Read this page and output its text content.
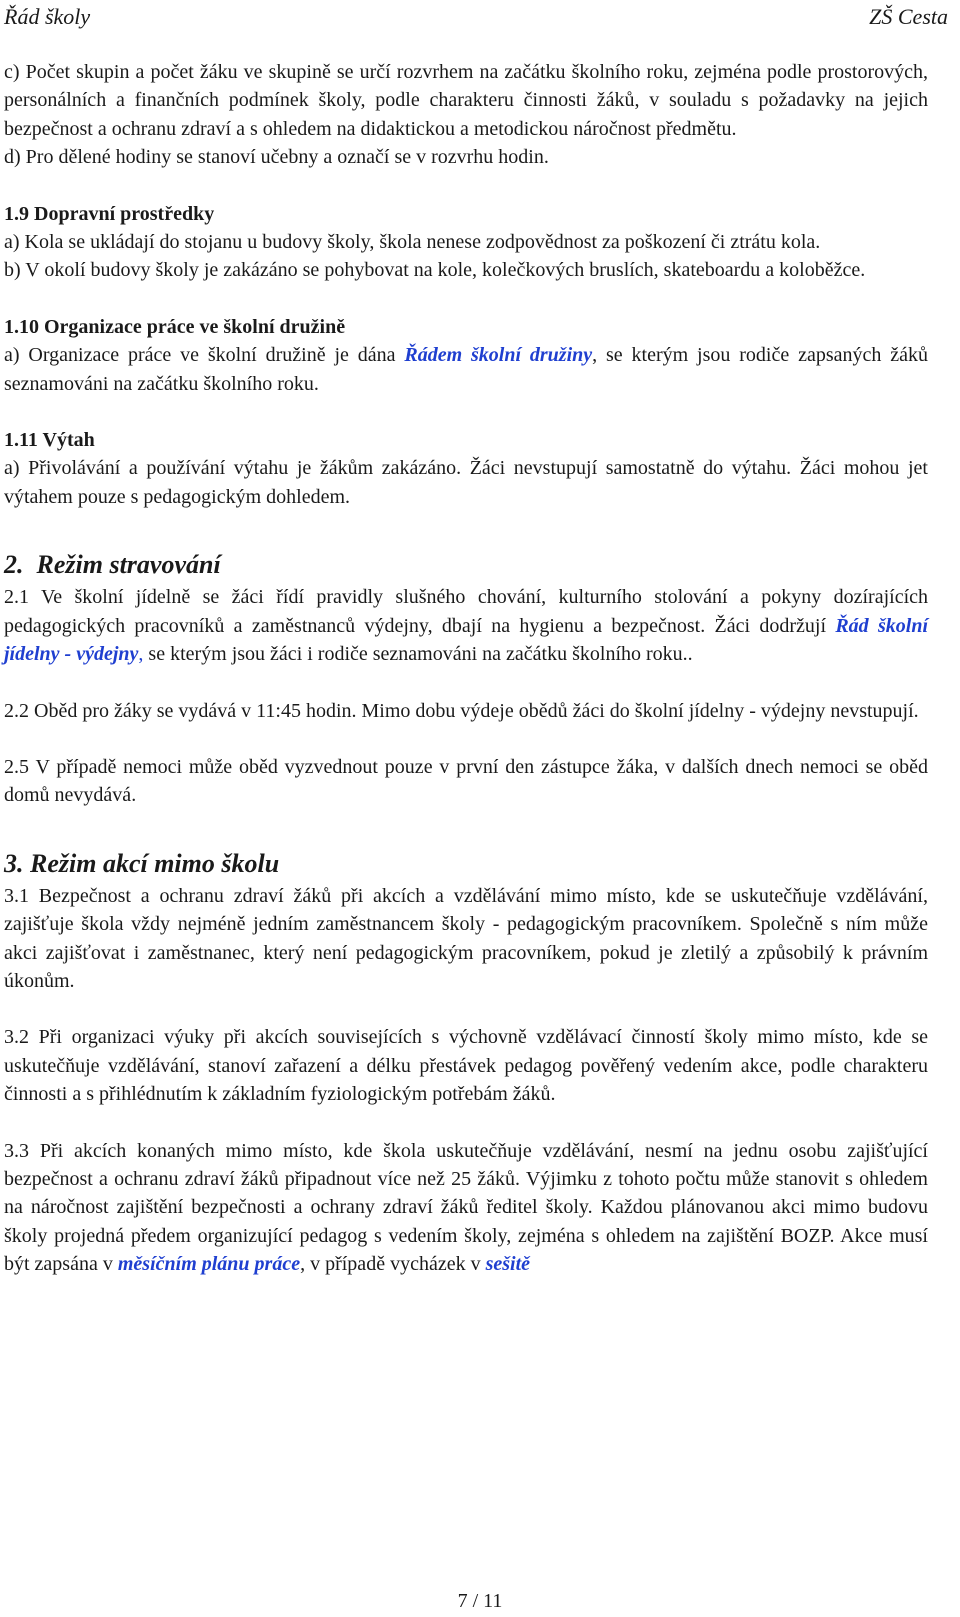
Řád školy	ZŠ Cesta

c) Počet skupin a počet žáku ve skupině se určí rozvrhem na začátku školního roku, zejména podle prostorových, personálních a finančních podmínek školy, podle charakteru činnosti žáků, v souladu s požadavky na jejich bezpečnost a ochranu zdraví a s ohledem na didaktickou a metodickou náročnost předmětu.

d) Pro dělené hodiny se stanoví učebny a označí se v rozvrhu hodin.

1.9 Dopravní prostředky

a) Kola se ukládají do stojanu u budovy školy, škola nenese zodpovědnost za poškození či ztrátu kola.

b) V okolí budovy školy je zakázáno se pohybovat na kole, kolečkových bruslích, skateboardu a koloběžce.

1.10 Organizace práce ve školní družině

a) Organizace práce ve školní družině je dána Řádem školní družiny, se kterým jsou rodiče zapsaných žáků seznamováni na začátku školního roku.

1.11 Výtah

a) Přivolávání a používání výtahu je žákům zakázáno. Žáci nevstupují samostatně do výtahu. Žáci mohou jet výtahem pouze s pedagogickým dohledem.

2. Režim stravování

2.1 Ve školní jídelně se žáci řídí pravidly slušného chování, kulturního stolování a pokyny dozírajících pedagogických pracovníků a zaměstnanců výdejny, dbají na hygienu a bezpečnost. Žáci dodržují Řád školní jídelny - výdejny, se kterým jsou žáci i rodiče seznamováni na začátku školního roku..

2.2 Oběd pro žáky se vydává v 11:45 hodin. Mimo dobu výdeje obědů žáci do školní jídelny - výdejny nevstupují.

2.5 V případě nemoci může oběd vyzvednout pouze v první den zástupce žáka, v dalších dnech nemoci se oběd domů nevydává.

3. Režim akcí mimo školu

3.1 Bezpečnost a ochranu zdraví žáků při akcích a vzdělávání mimo místo, kde se uskutečňuje vzdělávání, zajišťuje škola vždy nejméně jedním zaměstnancem školy - pedagogickým pracovníkem. Společně s ním může akci zajišťovat i zaměstnanec, který není pedagogickým pracovníkem, pokud je zletilý a způsobilý k právním úkonům.

3.2 Při organizaci výuky při akcích souvisejících s výchovně vzdělávací činností školy mimo místo, kde se uskutečňuje vzdělávání, stanoví zařazení a délku přestávek pedagog pověřený vedením akce, podle charakteru činnosti a s přihlédnutím k základním fyziologickým potřebám žáků.

3.3 Při akcích konaných mimo místo, kde škola uskutečňuje vzdělávání, nesmí na jednu osobu zajišťující bezpečnost a ochranu zdraví žáků připadnout více než 25 žáků. Výjimku z tohoto počtu může stanovit s ohledem na náročnost zajištění bezpečnosti a ochrany zdraví žáků ředitel školy. Každou plánovanou akci mimo budovu školy projedná předem organizující pedagog s vedením školy, zejména s ohledem na zajištění BOZP. Akce musí být zapsána v měsíčním plánu práce, v případě vycházek v sešitě

7 / 11
